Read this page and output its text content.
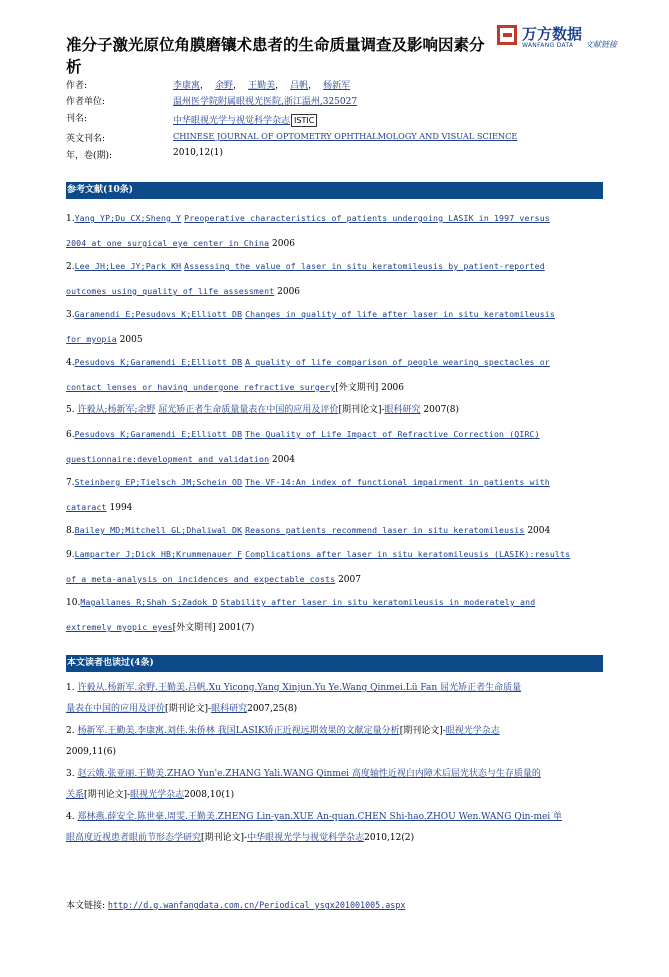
准分子激光原位角膜磨镶术患者的生命质量调查及影响因素分析
万方数据
WANFANG DATA 文献链接
作者:	李康寓， 余野， 王勤美， 吕帆， 杨新军
作者单位:	温州医学院附属眼视光医院,浙江温州,325027
刊名:	中华眼视光学与视觉科学杂志 ISTIC
英文刊名:	CHINESE JOURNAL OF OPTOMETRY OPHTHALMOLOGY AND VISUAL SCIENCE
年，卷(期):	2010,12(1)
参考文献(10条)
1.Yang YP;Du CX;Sheng Y Preoperative characteristics of patients undergoing LASIK in 1997 versus
2004 at one surgical eye center in China 2006
2.Lee JH;Lee JY;Park KH Assessing the value of laser in situ keratomileusis by patient-reported
outcomes using quality of life assessment 2006
3.Garamendi E;Pesudovs K;Elliott DB Changes in quality of life after laser in situ keratomileusis
for myopia 2005
4.Pesudovs K;Garamendi E;Elliott DB A quality of life comparison of people wearing spectacles or
contact lenses or having undergone refractive surgery[外文期刊] 2006
5. 许毅从;杨新军;余野 屈光矫正者生命质量量表在中国的应用及评价[期刊论文]-眼科研究 2007(8)
6.Pesudovs K;Garamendi E;Elliott DB The Quality of Life Impact of Refractive Correction (QIRC)
questionnaire:development and validation 2004
7.Steinberg EP;Tielsch JM;Schein OD The VF-14:An index of functional impairment in patients with
cataract 1994
8.Bailey MD;Mitchell GL;Dhaliwal DK Reasons patients recommend laser in situ keratomileusis 2004
9.Lamparter J;Dick HB;Krummenauer F Complications after laser in situ keratomileusis (LASIK):results
of a meta-analysis on incidences and expectable costs 2007
10.Magallanes R;Shah S;Zadok D Stability after laser in situ keratomileusis in moderately and
extremely myopic eyes[外文期刊] 2001(7)
本文读者也读过(4条)
1. 许毅从.杨新军.余野.王勤美.吕帆.Xu Yicong.Yang Xinjun.Yu Ye.Wang Qinmei.Lü Fan 屈光矫正者生命质量
量表在中国的应用及评价[期刊论文]-眼科研究2007,25(8)
2. 杨新军.王勤美.李康寓.刘佳.朱侨林 我国LASIK矫正近视远期效果的文献定量分析[期刊论文]-眼视光学杂志
2009,11(6)
3. 赵云娥.张亚丽.王勤美.ZHAO Yun'e.ZHANG Yali.WANG Qinmei 高度轴性近视白内障术后屈光状态与生存质量的
关系[期刊论文]-眼视光学杂志2008,10(1)
4. 郑林燕.薛安全.陈世豪.周雯.王勤美.ZHENG Lin-yan.XUE An-quan.CHEN Shi-hao.ZHOU Wen.WANG Qin-mei 单
眼高度近视患者眼前节形态学研究[期刊论文]-中华眼视光学与视觉科学杂志2010,12(2)
本文链接: http://d.g.wanfangdata.com.cn/Periodical_ysgx201001005.aspx
